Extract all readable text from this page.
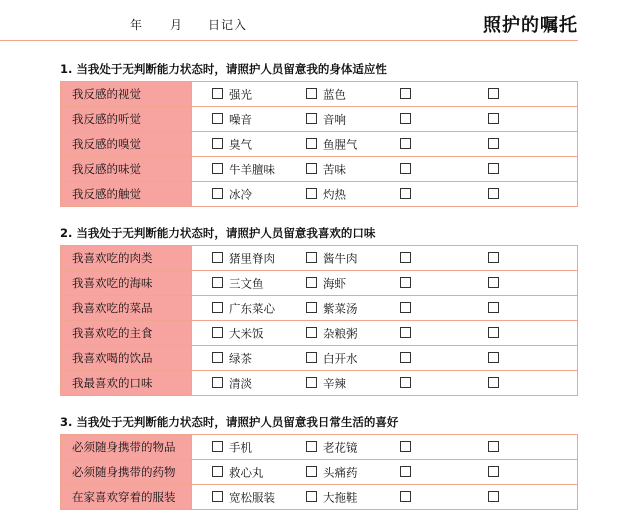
年 月 日记入	照护的嘱托
1. 当我处于无判断能力状态时，请照护人员留意我的身体适应性
我反感的视觉	强光 蓝色

我反感的听觉	噪音 音响

我反感的嗅觉	臭气 鱼腥气

我反感的味觉	牛羊膻味 苦味

我反感的触觉	冰冷 灼热
2. 当我处于无判断能力状态时，请照护人员留意我喜欢的口味
我喜欢吃的肉类	猪里脊肉 酱牛肉

我喜欢吃的海味	三文鱼 海虾

我喜欢吃的菜品	广东菜心 紫菜汤

我喜欢吃的主食	大米饭 杂粮粥

我喜欢喝的饮品	绿茶 白开水

我最喜欢的口味	清淡 辛辣
3. 当我处于无判断能力状态时，请照护人员留意我日常生活的喜好
必须随身携带的物品	手机 老花镜

必须随身携带的药物	救心丸 头痛药

在家喜欢穿着的服装	宽松服装 大拖鞋
